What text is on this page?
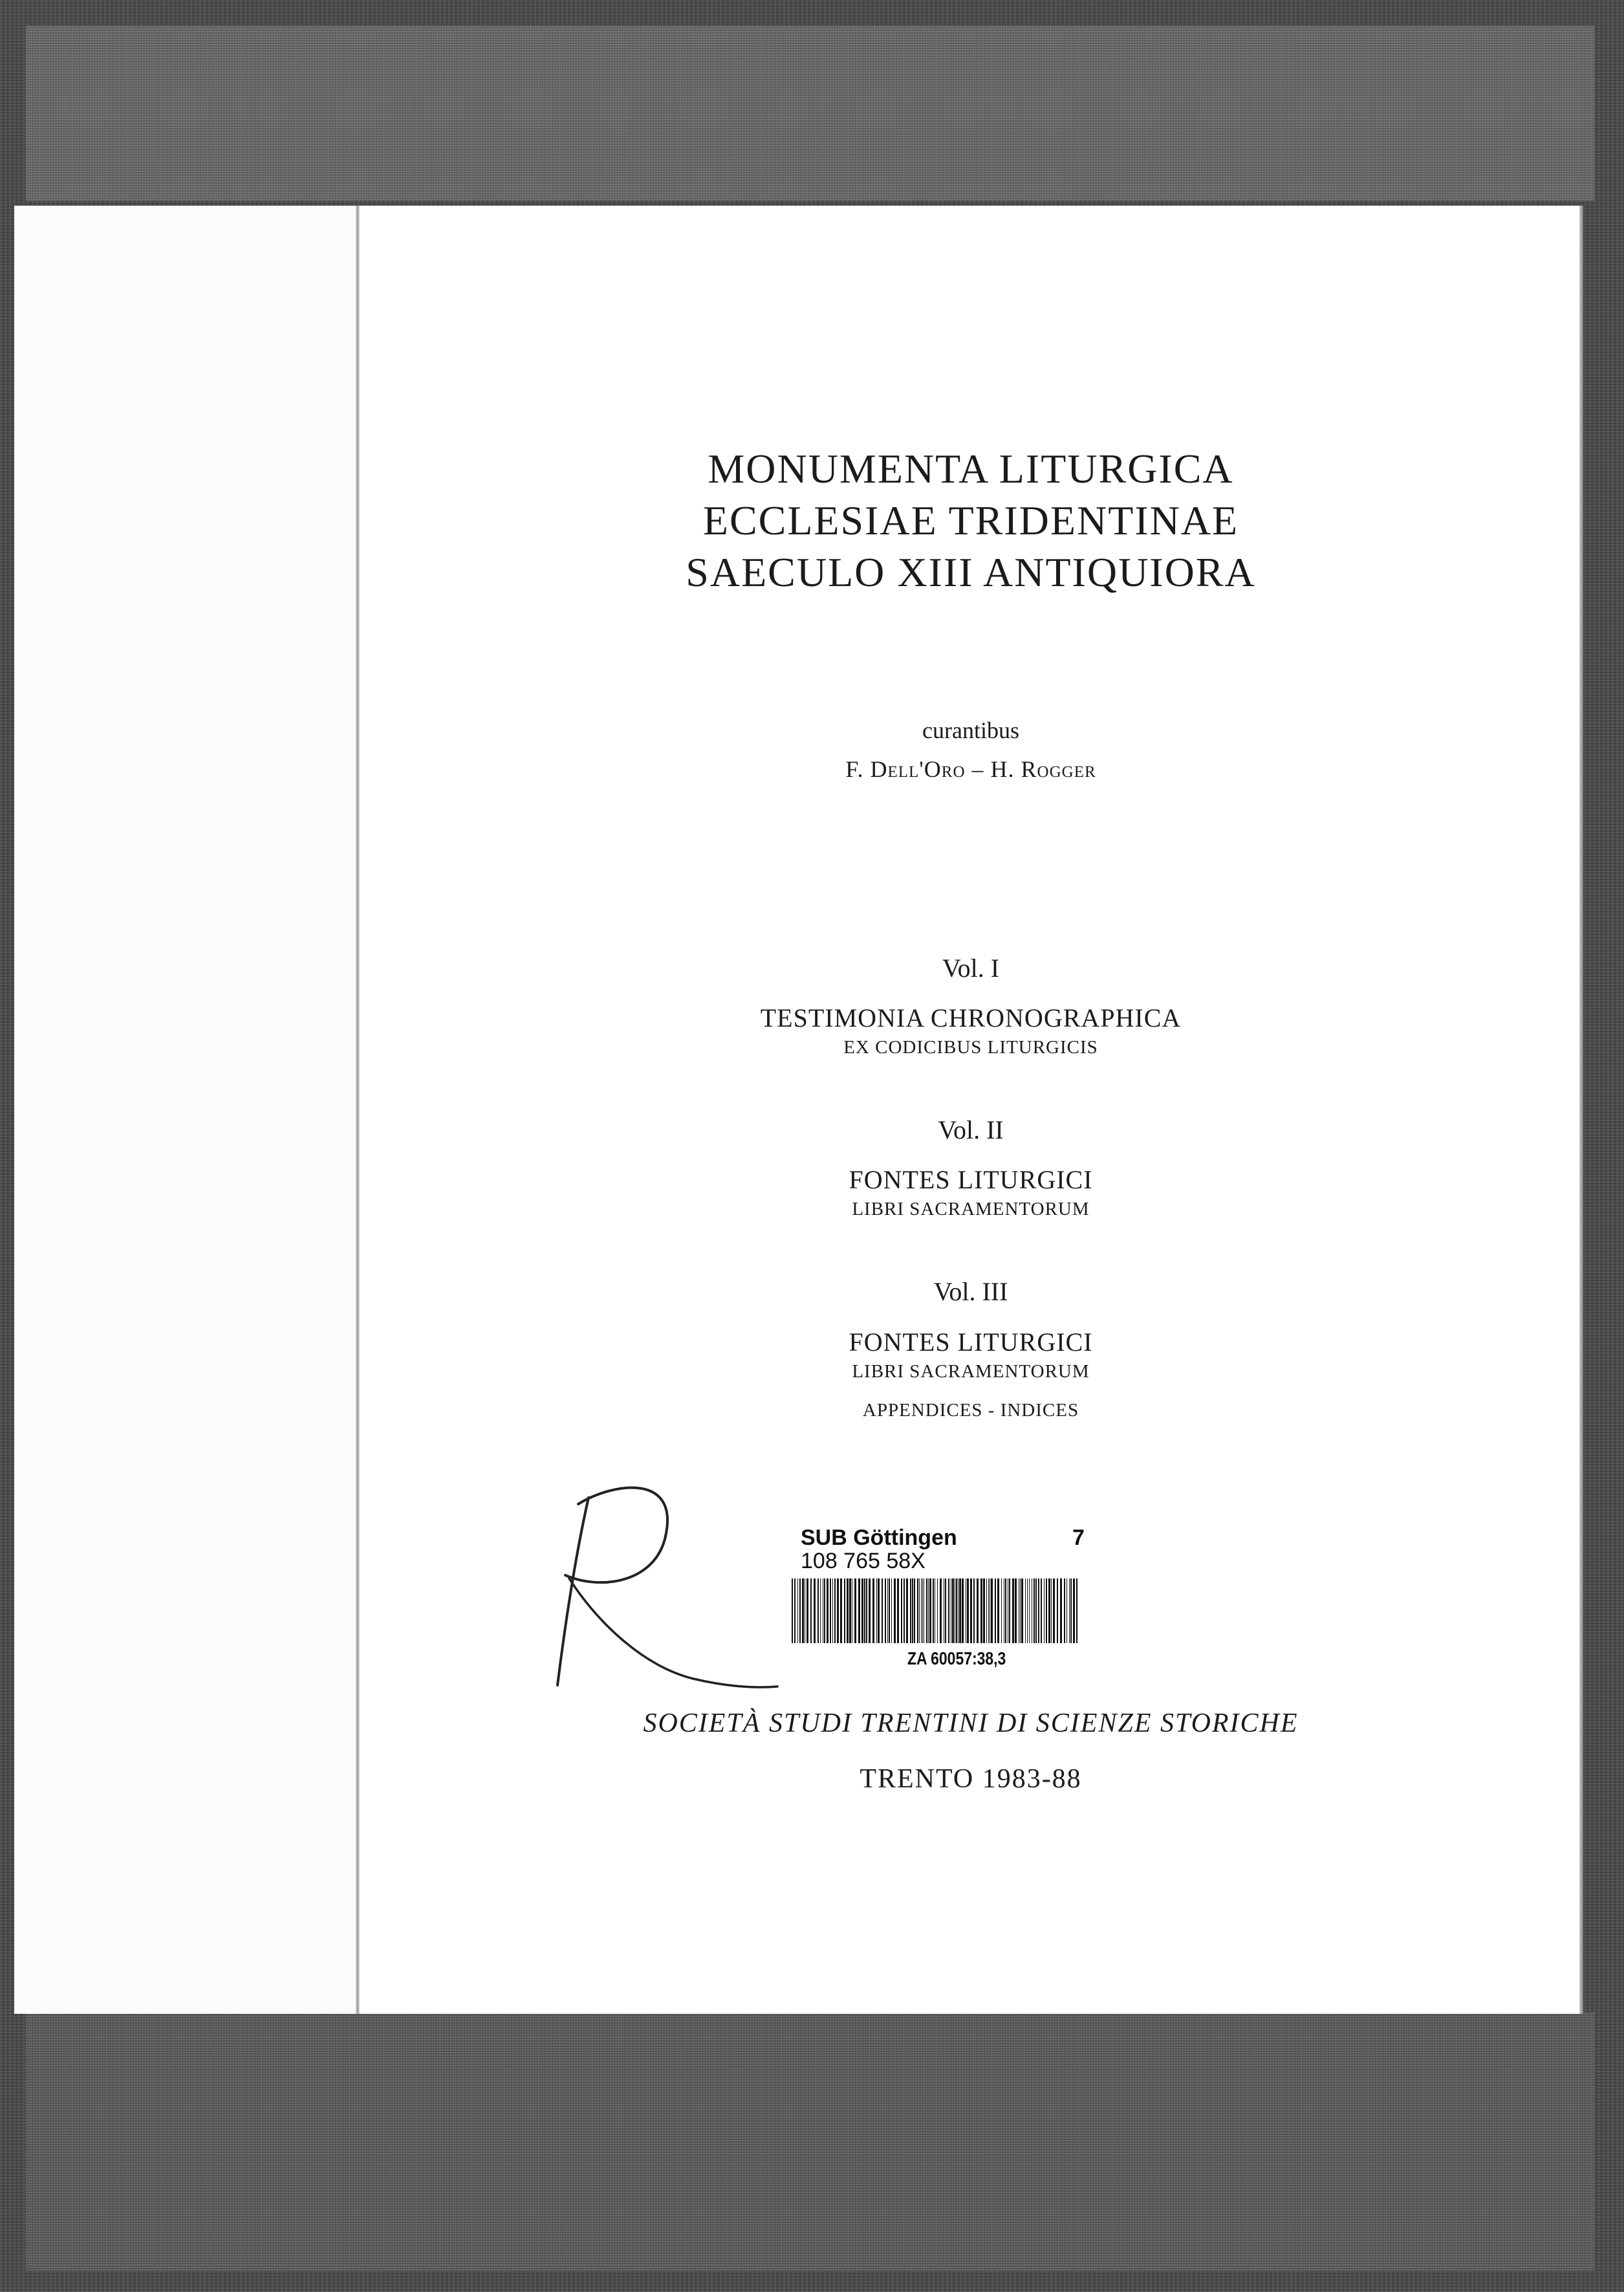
MONUMENTA LITURGICA
ECCLESIAE TRIDENTINAE
SAECULO XIII ANTIQUIORA
curantibus
F. Dell'Oro – H. Rogger
Vol. I
TESTIMONIA CHRONOGRAPHICA
EX CODICIBUS LITURGICIS
Vol. II
FONTES LITURGICI
LIBRI SACRAMENTORUM
Vol. III
FONTES LITURGICI
LIBRI SACRAMENTORUM
APPENDICES - INDICES
SOCIETÀ STUDI TRENTINI DI SCIENZE STORICHE
TRENTO 1983-88
SUB Göttingen	7
108 765 58X
ZA 60057:38,3
